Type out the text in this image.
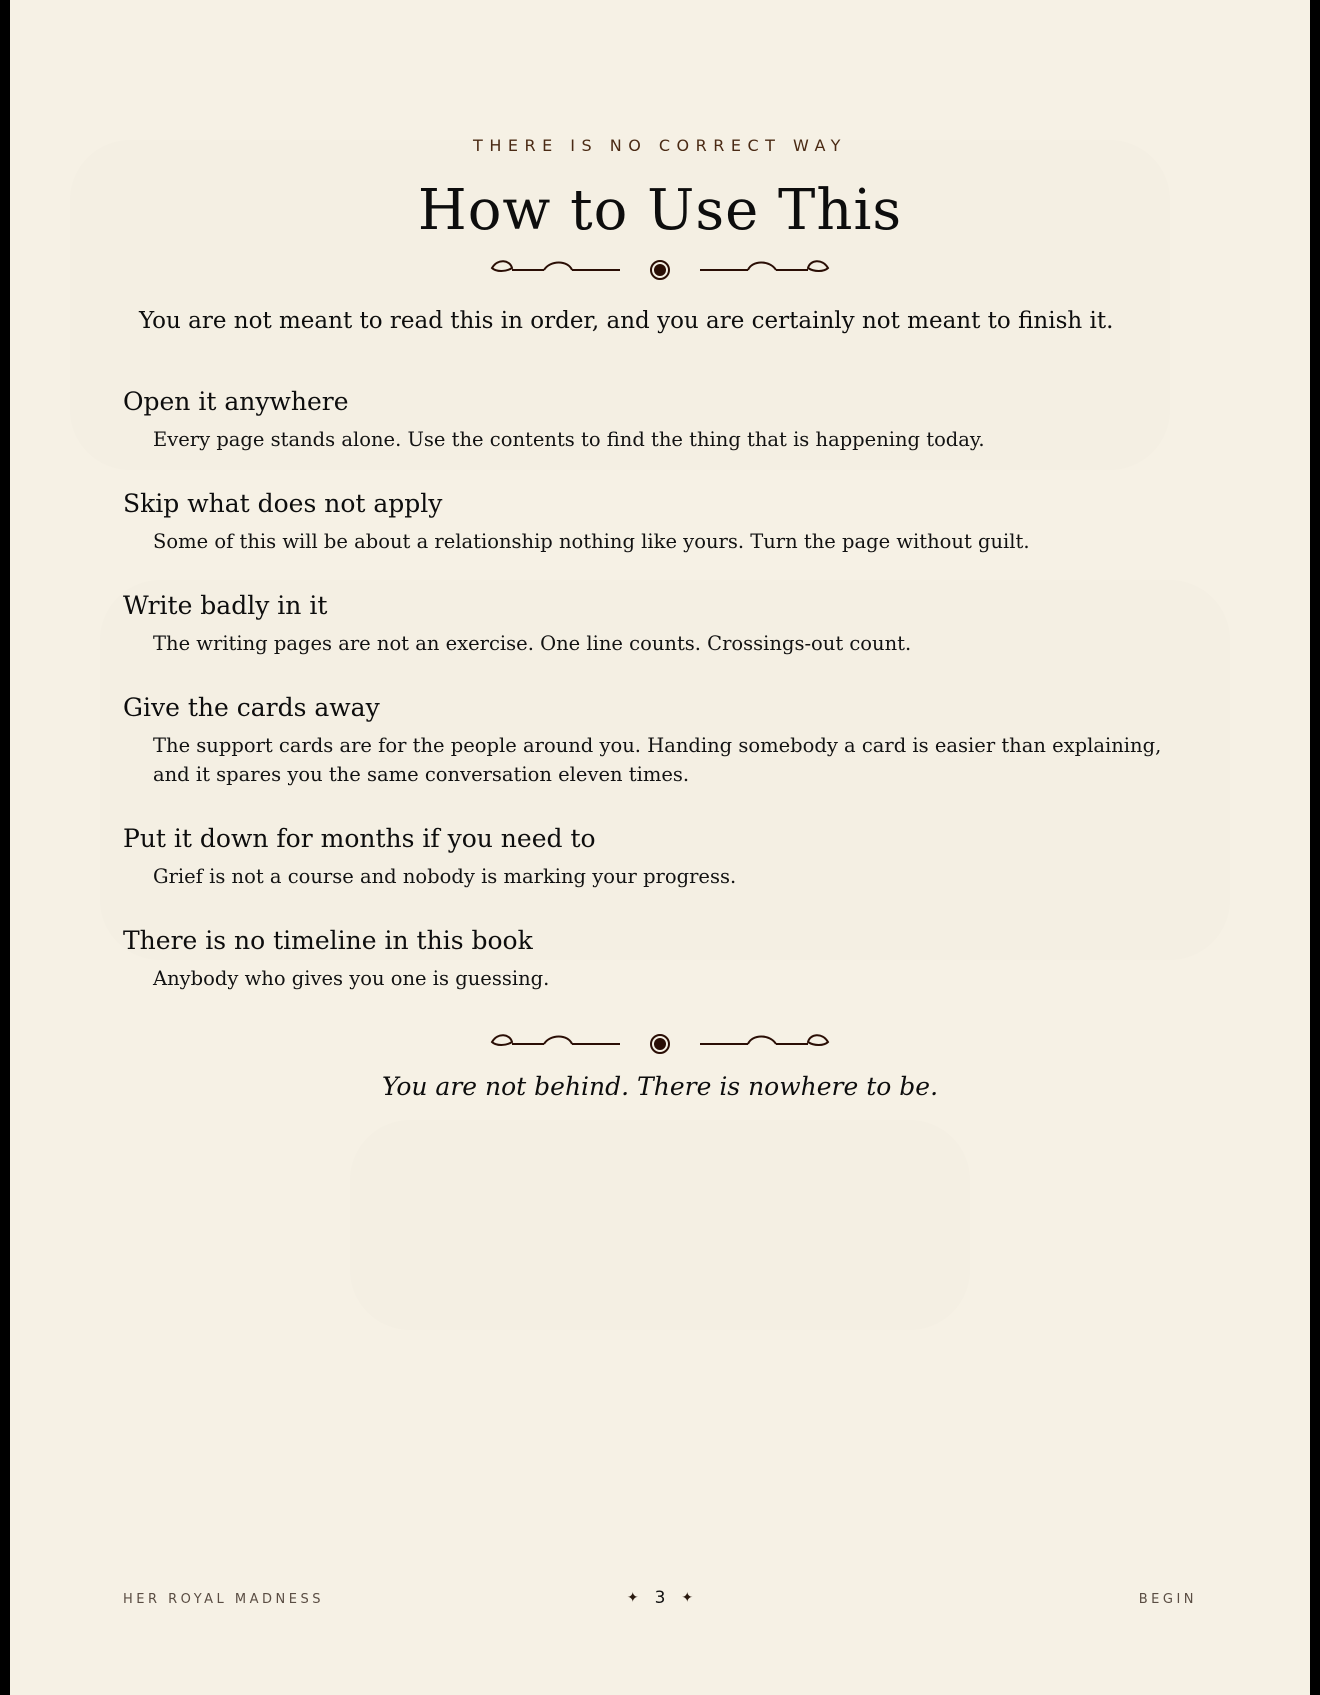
THERE IS NO CORRECT WAY
How to Use This
You are not meant to read this in order, and you are certainly not meant to finish it.
Open it anywhere
Every page stands alone. Use the contents to find the thing that is happening today.
Skip what does not apply
Some of this will be about a relationship nothing like yours. Turn the page without guilt.
Write badly in it
The writing pages are not an exercise. One line counts. Crossings-out count.
Give the cards away
The support cards are for the people around you. Handing somebody a card is easier than explaining, and it spares you the same conversation eleven times.
Put it down for months if you need to
Grief is not a course and nobody is marking your progress.
There is no timeline in this book
Anybody who gives you one is guessing.
You are not behind. There is nowhere to be.
HER ROYAL MADNESS	✦ 3 ✦	BEGIN
